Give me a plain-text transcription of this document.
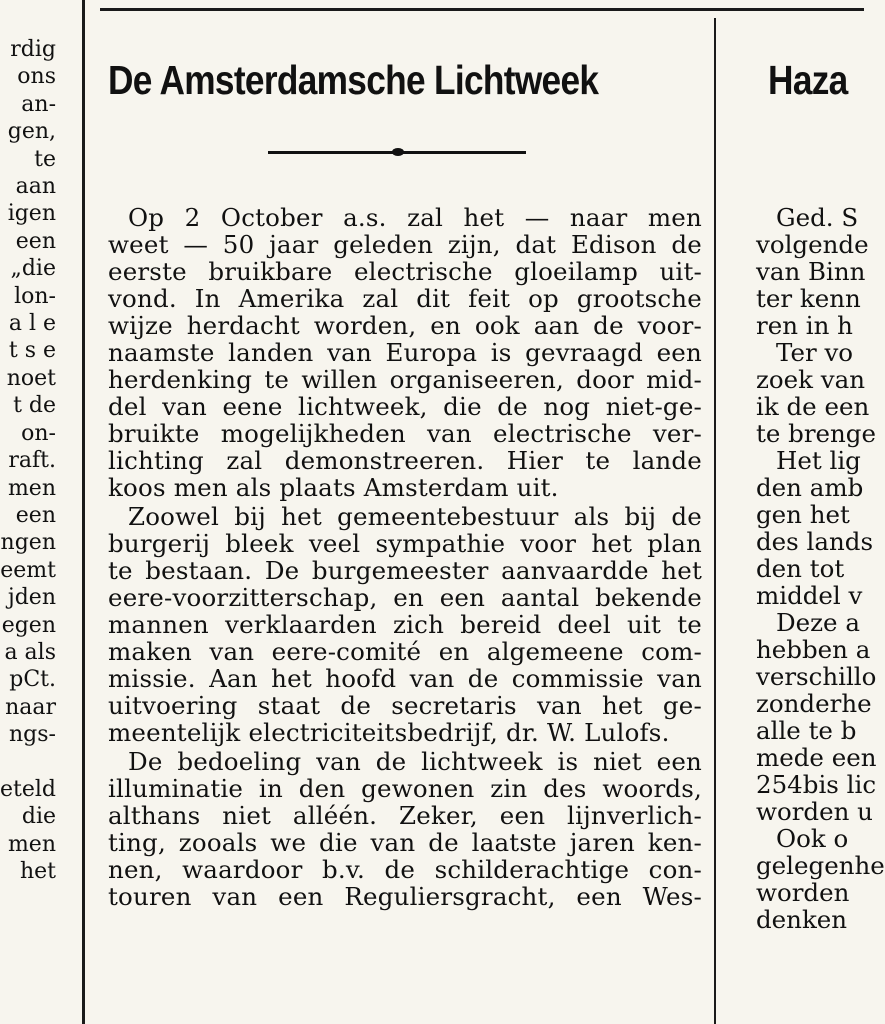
rdig
ons
an-
gen,
te
aan
igen
een
„die
lon-
a l e
t s e
noet
t de
on-
raft.
men
een
ngen
eemt
jden
egen
a als
pCt.
naar
ngs-

eteld
die
men
het
De Amsterdamsche Lichtweek
Op 2 October a.s. zal het — naar men
weet — 50 jaar geleden zijn, dat Edison de
eerste bruikbare electrische gloeilamp uit-
vond. In Amerika zal dit feit op grootsche
wijze herdacht worden, en ook aan de voor-
naamste landen van Europa is gevraagd een
herdenking te willen organiseeren, door mid-
del van eene lichtweek, die de nog niet-ge-
bruikte mogelijkheden van electrische ver-
lichting zal demonstreeren. Hier te lande
koos men als plaats Amsterdam uit.
Zoowel bij het gemeentebestuur als bij de
burgerij bleek veel sympathie voor het plan
te bestaan. De burgemeester aanvaardde het
eere-voorzitterschap, en een aantal bekende
mannen verklaarden zich bereid deel uit te
maken van eere-comité en algemeene com-
missie. Aan het hoofd van de commissie van
uitvoering staat de secretaris van het ge-
meentelijk electriciteitsbedrijf, dr. W. Lulofs.
De bedoeling van de lichtweek is niet een
illuminatie in den gewonen zin des woords,
althans niet alléén. Zeker, een lijnverlich-
ting, zooals we die van de laatste jaren ken-
nen, waardoor b.v. de schilderachtige con-
touren van een Reguliersgracht, een Wes-
Haza
Ged. S
volgende
van Binn
ter kenn
ren in h
Ter vo
zoek van
ik de een
te brenge
Het lig
den amb
gen het
des lands
den tot
middel v
Deze a
hebben a
verschillo
zonderhe
alle te b
mede een
254bis lic
worden u
Ook o
gelegenhe
worden
denken
